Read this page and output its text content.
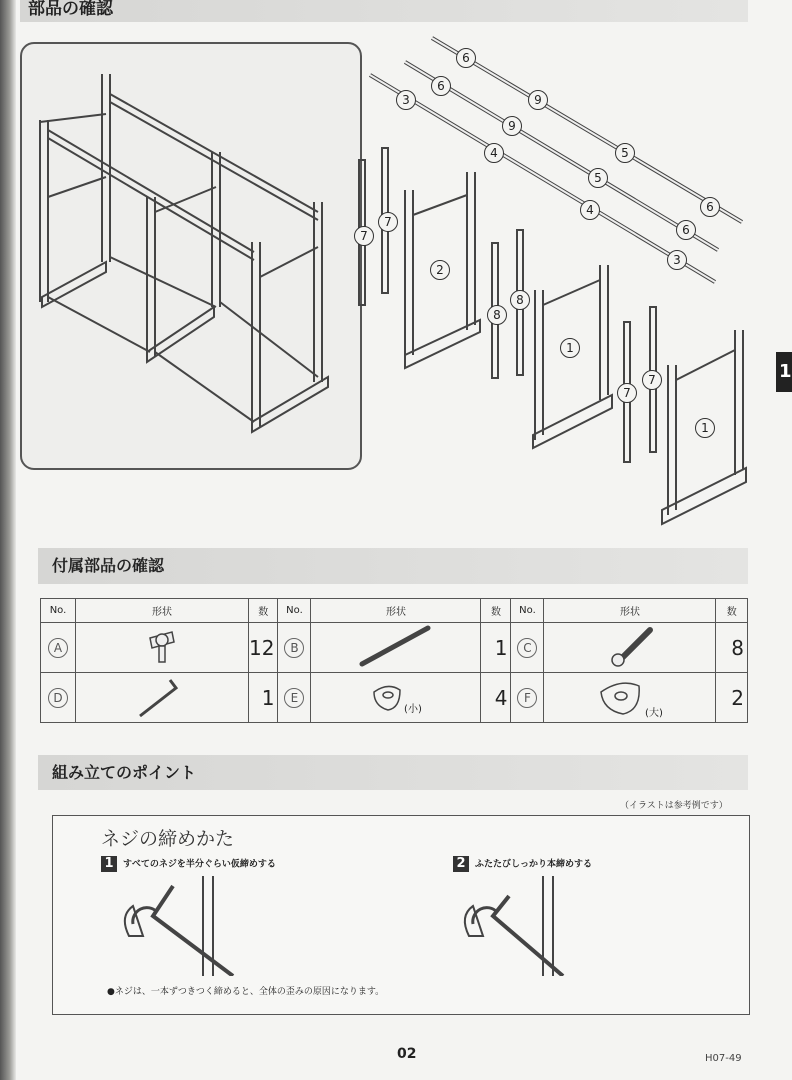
1
部品の確認
6
9
5
6
6
9
5
6
3
4
4
3
7
7
2
8
8
1
7
7
1
付属部品の確認
No.	形状	数	No.	形状	数	No.	形状	数
A		12	B		1	C		8
D		1	E	(小)	4	F	(大)	2
組み立てのポイント
（イラストは参考例です）
ネジの締めかた
1 すべてのネジを半分ぐらい仮締めする	2 ふたたびしっかり本締めする
●ネジは、一本ずつきつく締めると、全体の歪みの原因になります。
02	H07-49
